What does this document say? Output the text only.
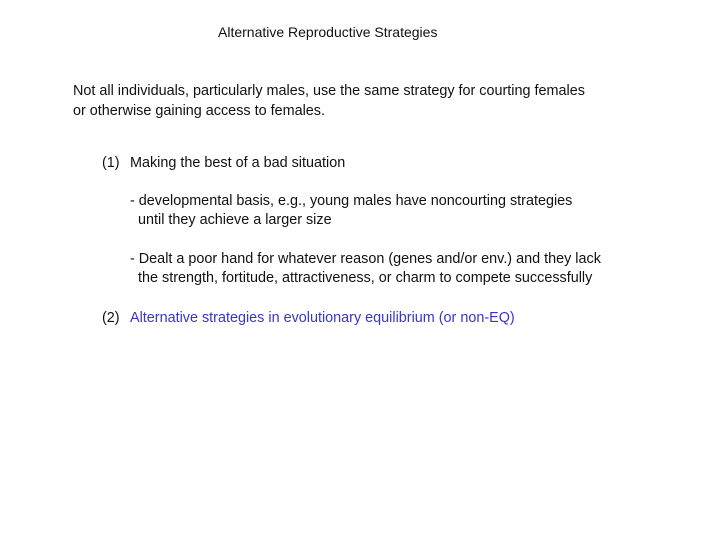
Alternative Reproductive Strategies
Not all individuals, particularly males, use the same strategy for courting females
or otherwise gaining access to females.
(1) Making the best of a bad situation
- developmental basis, e.g., young males have noncourting strategies
until they achieve a larger size
- Dealt a poor hand for whatever reason (genes and/or env.) and they lack
the strength, fortitude, attractiveness, or charm to compete successfully
(2) Alternative strategies in evolutionary equilibrium (or non-EQ)
